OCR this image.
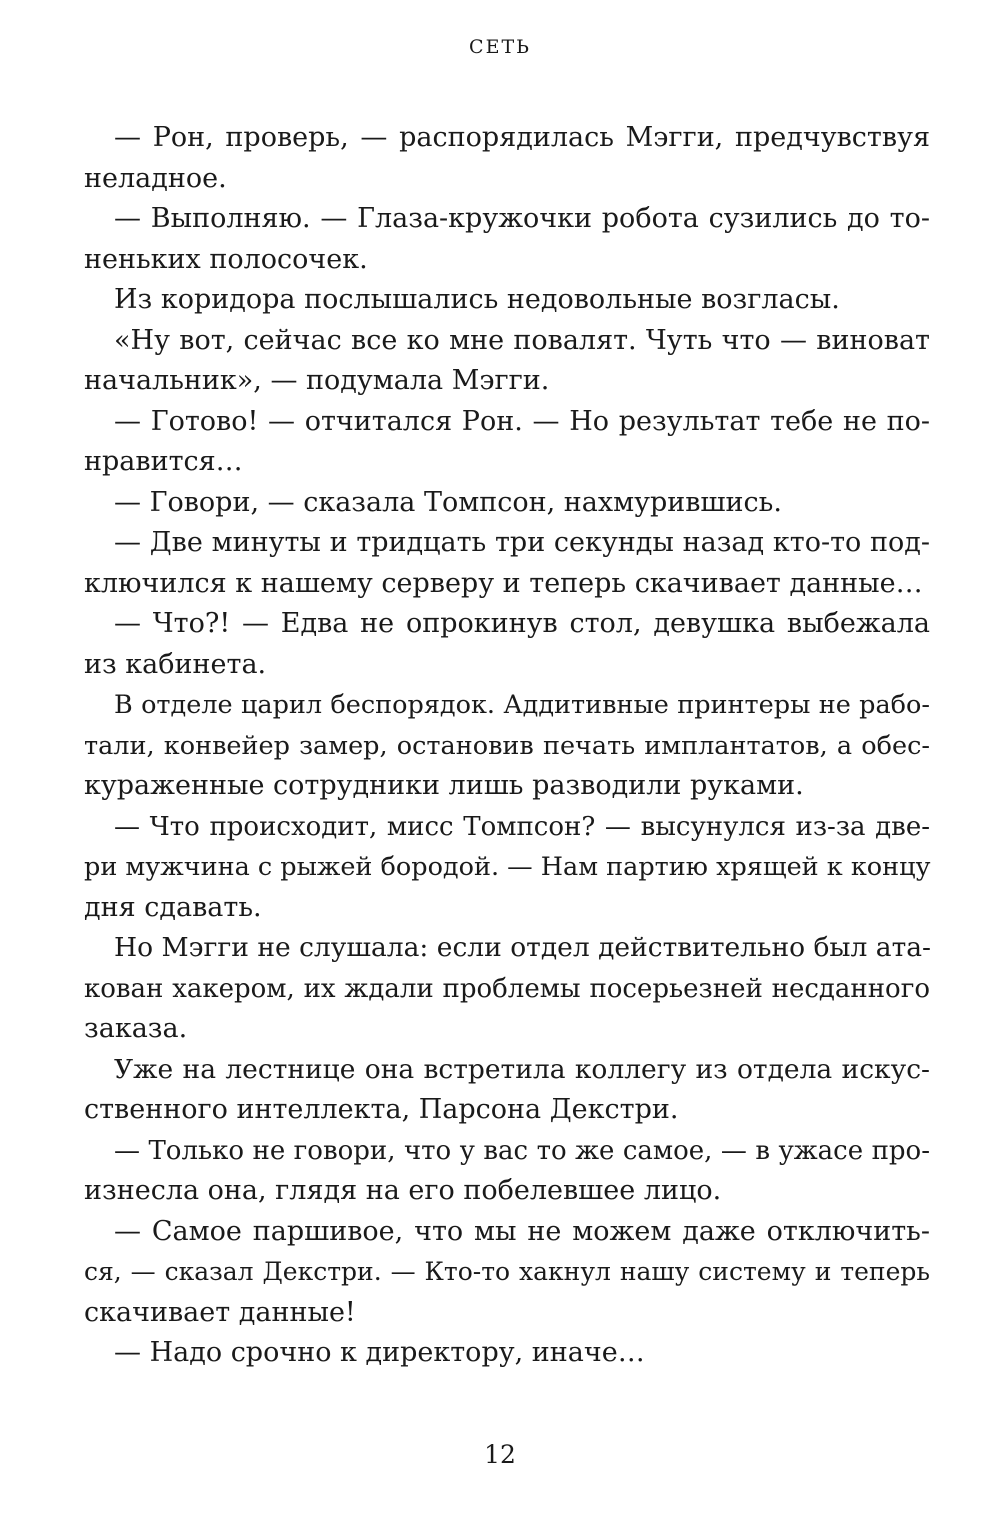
СЕТЬ
— Рон, проверь, — распорядилась Мэгги, предчувствуя
неладное.
— Выполняю. — Глаза-кружочки робота сузились до то-
неньких полосочек.
Из коридора послышались недовольные возгласы.
«Ну вот, сейчас все ко мне повалят. Чуть что — виноват
начальник», — подумала Мэгги.
— Готово! — отчитался Рон. — Но результат тебе не по-
нравится…
— Говори, — сказала Томпсон, нахмурившись.
— Две минуты и тридцать три секунды назад кто-то под-
ключился к нашему серверу и теперь скачивает данные…
— Что?! — Едва не опрокинув стол, девушка выбежала
из кабинета.
В отделе царил беспорядок. Аддитивные принтеры не рабо-
тали, конвейер замер, остановив печать имплантатов, а обес-
кураженные сотрудники лишь разводили руками.
— Что происходит, мисс Томпсон? — высунулся из-за две-
ри мужчина с рыжей бородой. — Нам партию хрящей к концу
дня сдавать.
Но Мэгги не слушала: если отдел действительно был ата-
кован хакером, их ждали проблемы посерьезней несданного
заказа.
Уже на лестнице она встретила коллегу из отдела искус-
ственного интеллекта, Парсона Декстри.
— Только не говори, что у вас то же самое, — в ужасе про-
изнесла она, глядя на его побелевшее лицо.
— Самое паршивое, что мы не можем даже отключить-
ся, — сказал Декстри. — Кто-то хакнул нашу систему и теперь
скачивает данные!
— Надо срочно к директору, иначе…
12
